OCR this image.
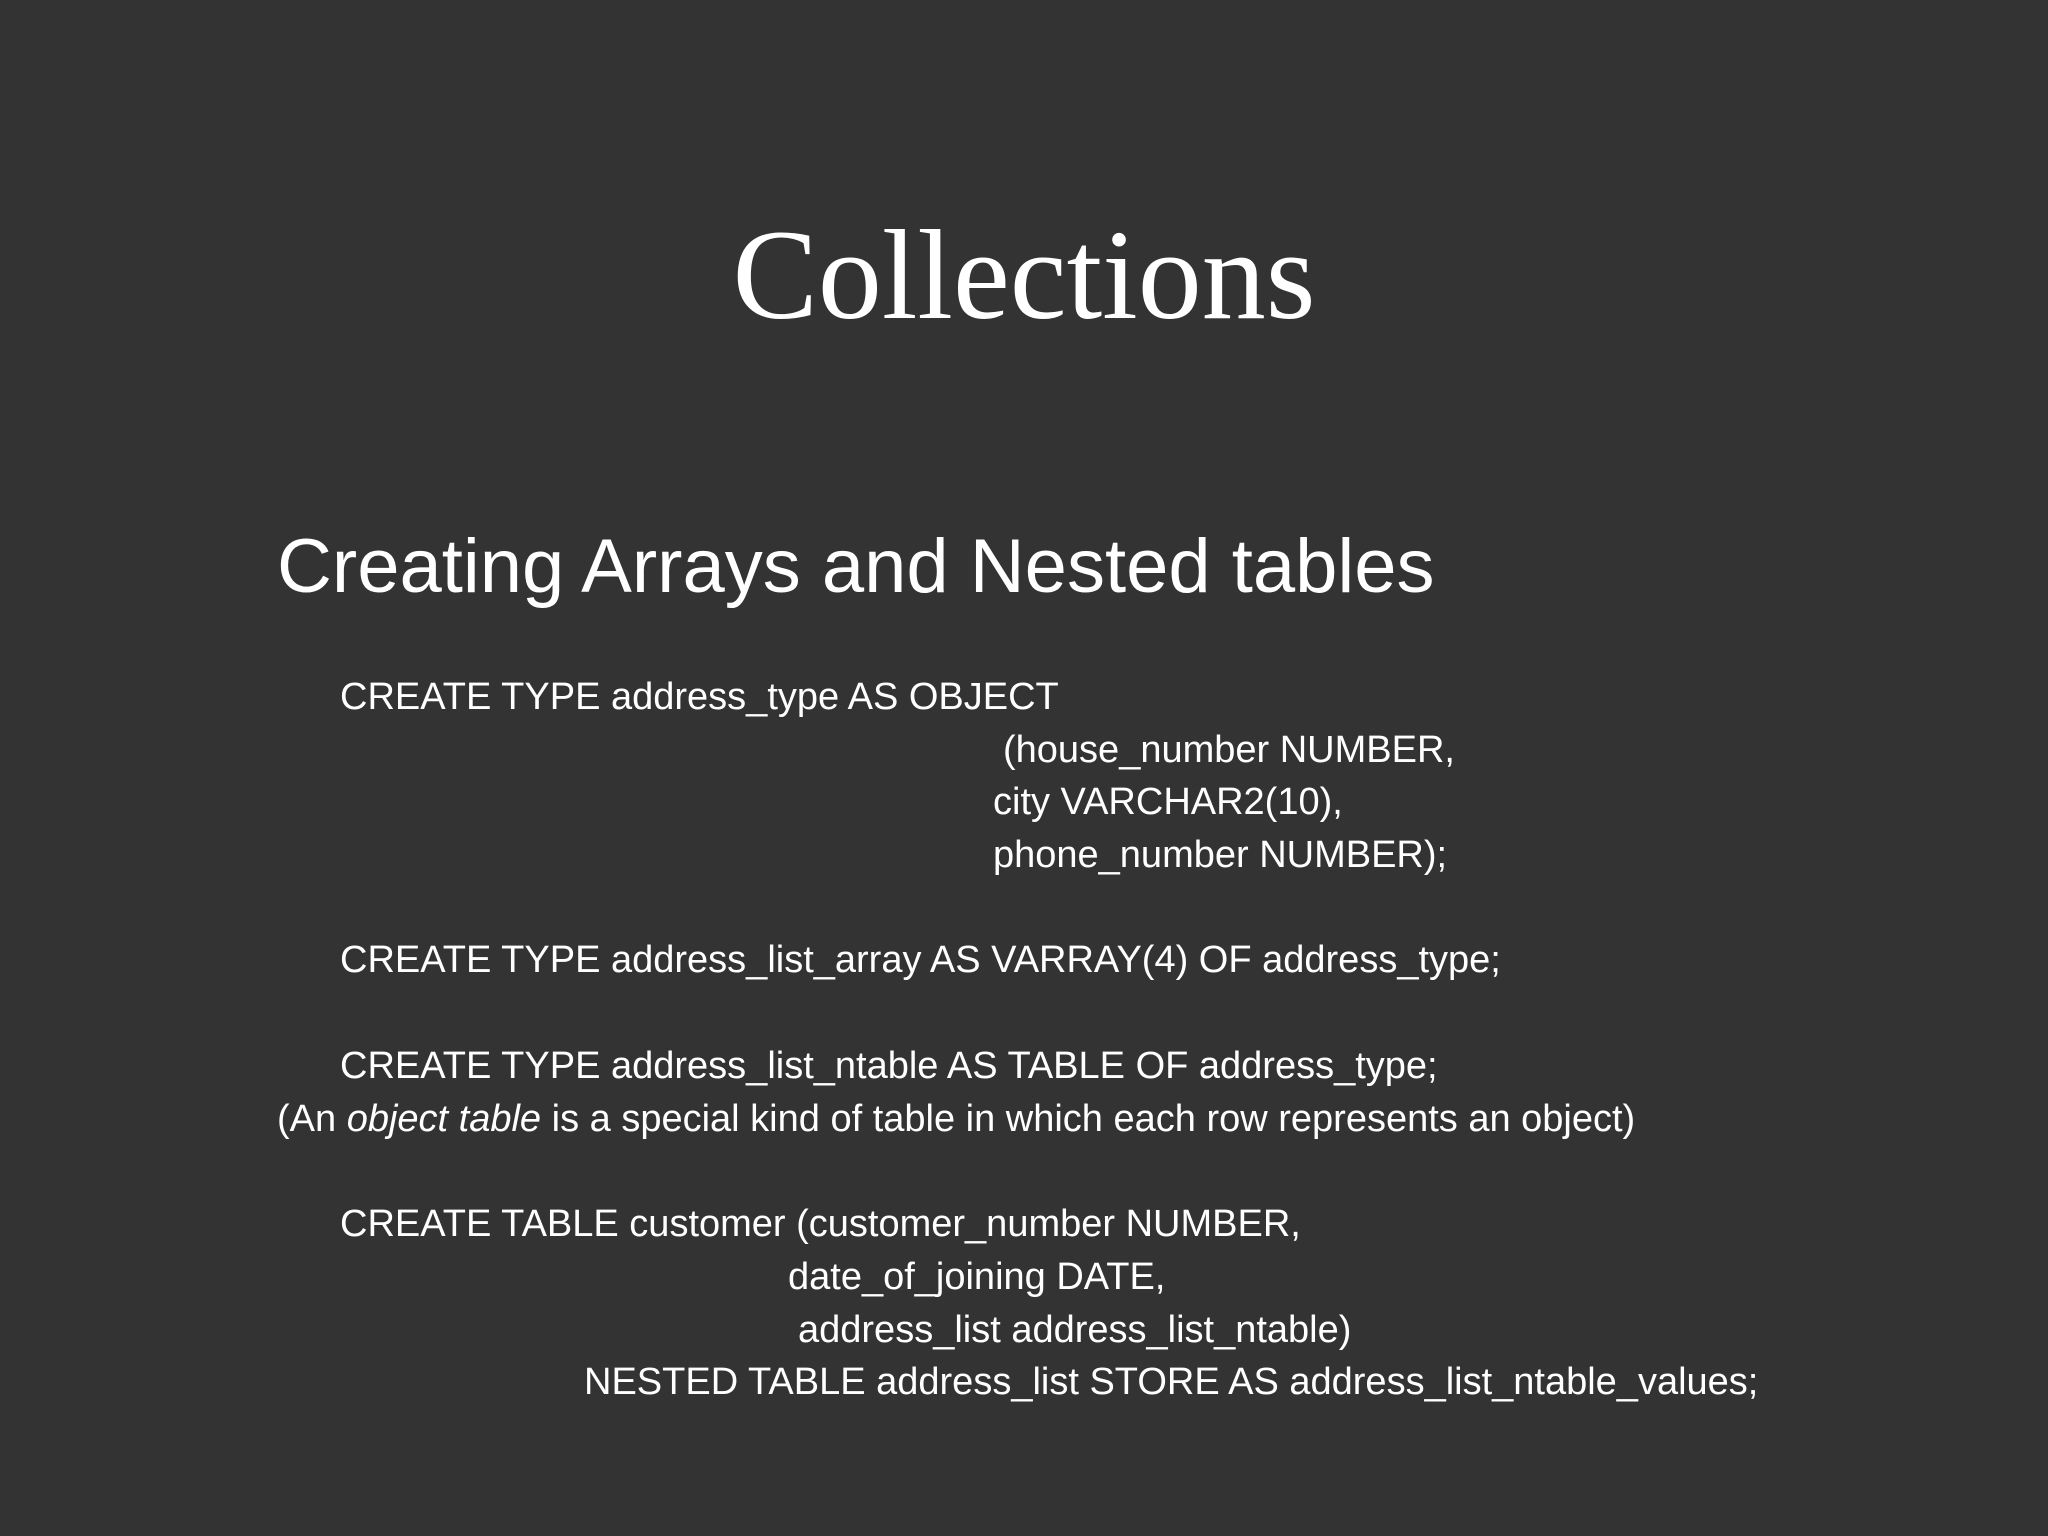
Collections
Creating Arrays and Nested tables
CREATE TYPE address_type AS OBJECT
(house_number NUMBER,
city VARCHAR2(10),
phone_number NUMBER);
CREATE TYPE address_list_array AS VARRAY(4) OF address_type;
CREATE TYPE address_list_ntable AS TABLE OF address_type;
(An object table is a special kind of table in which each row represents an object)
CREATE TABLE customer (customer_number NUMBER,
date_of_joining DATE,
address_list address_list_ntable)
NESTED TABLE address_list STORE AS address_list_ntable_values;
